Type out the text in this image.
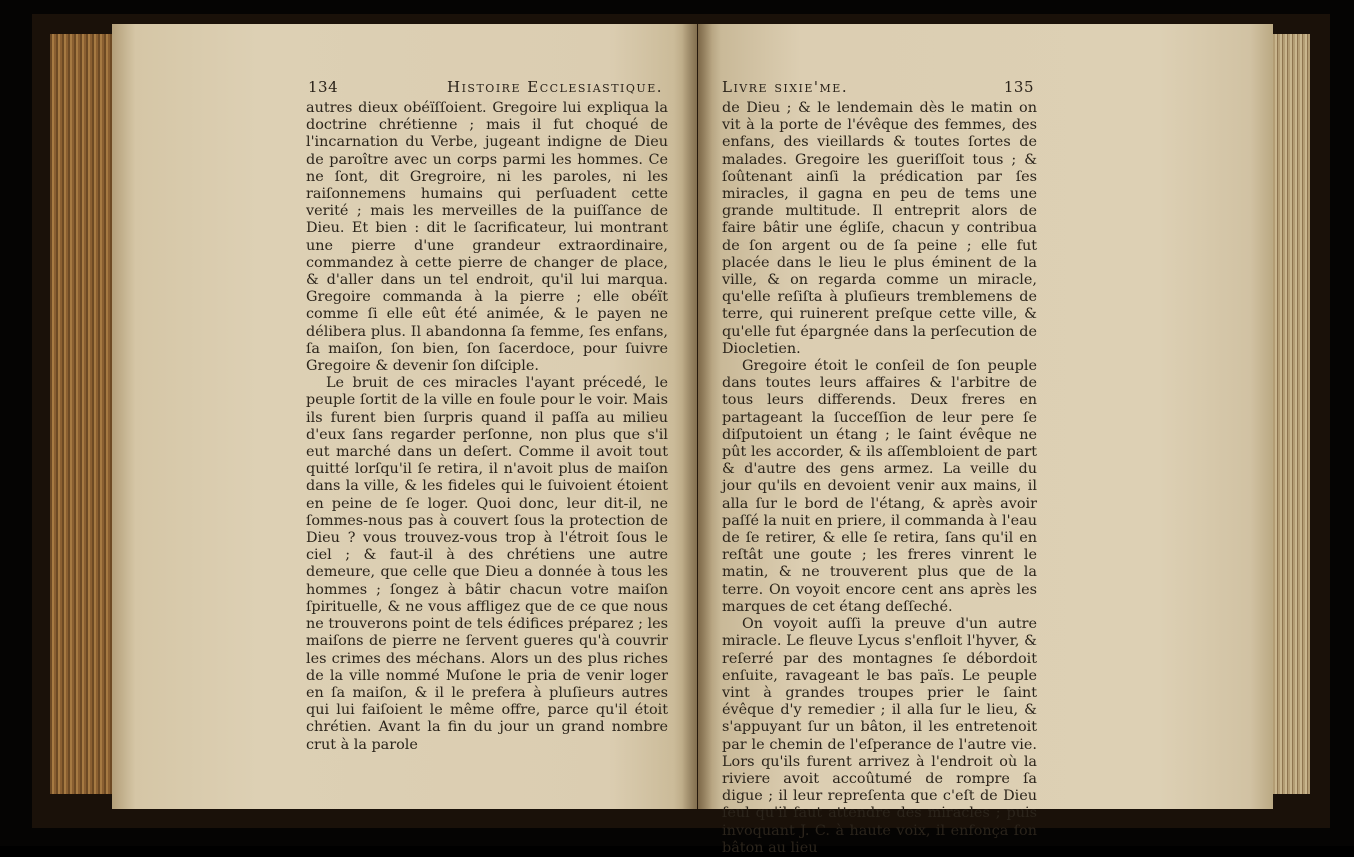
134	Histoire Ecclesiastique.

autres dieux obéïſſoient. Gregoire lui expliqua la doctrine chrétienne ; mais il fut choqué de l'incarnation du Verbe, jugeant indigne de Dieu de paroître avec un corps parmi les hommes. Ce ne ſont, dit Gregroire, ni les paroles, ni les raiſonnemens humains qui perſuadent cette verité ; mais les merveilles de la puiſſance de Dieu. Et bien : dit le ſacrificateur, lui montrant une pierre d'une grandeur extraordinaire, commandez à cette pierre de changer de place, & d'aller dans un tel endroit, qu'il lui marqua. Gregoire commanda à la pierre ; elle obéït comme ſi elle eût été animée, & le payen ne délibera plus. Il abandonna ſa femme, ſes enfans, ſa maiſon, ſon bien, ſon ſacerdoce, pour ſuivre Gregoire & devenir ſon diſciple.

Le bruit de ces miracles l'ayant précedé, le peuple ſortit de la ville en foule pour le voir. Mais ils furent bien ſurpris quand il paſſa au milieu d'eux ſans regarder perſonne, non plus que s'il eut marché dans un deſert. Comme il avoit tout quitté lorſqu'il ſe retira, il n'avoit plus de maiſon dans la ville, & les fideles qui le ſuivoient étoient en peine de ſe loger. Quoi donc, leur dit-il, ne ſommes-nous pas à couvert ſous la protection de Dieu ? vous trouvez-vous trop à l'étroit ſous le ciel ; & faut-il à des chrétiens une autre demeure, que celle que Dieu a donnée à tous les hommes ; ſongez à bâtir chacun votre maiſon ſpirituelle, & ne vous affligez que de ce que nous ne trouverons point de tels édifices préparez ; les maiſons de pierre ne ſervent gueres qu'à couvrir les crimes des méchans. Alors un des plus riches de la ville nommé Muſone le pria de venir loger en ſa maiſon, & il le prefera à pluſieurs autres qui lui faiſoient le même offre, parce qu'il étoit chrétien. Avant la fin du jour un grand nombre crut à la parole

Livre sixie'me.	135

de Dieu ; & le lendemain dès le matin on vit à la porte de l'évêque des femmes, des enfans, des vieillards & toutes ſortes de malades. Gregoire les gueriſſoit tous ; & ſoûtenant ainſi la prédication par ſes miracles, il gagna en peu de tems une grande multitude. Il entreprit alors de faire bâtir une égliſe, chacun y contribua de ſon argent ou de ſa peine ; elle fut placée dans le lieu le plus éminent de la ville, & on regarda comme un miracle, qu'elle reſiſta à pluſieurs tremblemens de terre, qui ruinerent preſque cette ville, & qu'elle fut épargnée dans la perſecution de Diocletien.

Gregoire étoit le conſeil de ſon peuple dans toutes leurs affaires & l'arbitre de tous leurs differends. Deux freres en partageant la ſucceſſion de leur pere ſe diſputoient un étang ; le ſaint évêque ne pût les accorder, & ils aſſembloient de part & d'autre des gens armez. La veille du jour qu'ils en devoient venir aux mains, il alla ſur le bord de l'étang, & après avoir paſſé la nuit en priere, il commanda à l'eau de ſe retirer, & elle ſe retira, ſans qu'il en reſtât une goute ; les freres vinrent le matin, & ne trouverent plus que de la terre. On voyoit encore cent ans après les marques de cet étang deſſeché.

On voyoit auſſi la preuve d'un autre miracle. Le fleuve Lycus s'enfloit l'hyver, & reſerré par des montagnes ſe débordoit enſuite, ravageant le bas païs. Le peuple vint à grandes troupes prier le ſaint évêque d'y remedier ; il alla ſur le lieu, & s'appuyant ſur un bâton, il les entretenoit par le chemin de l'eſperance de l'autre vie. Lors qu'ils furent arrivez à l'endroit où la riviere avoit accoûtumé de rompre ſa digue ; il leur repreſenta que c'eſt de Dieu ſeul qu'il faut attendre des miracles ; puis invoquant J. C. à haute voix, il enfonça ſon bâton au lieu
